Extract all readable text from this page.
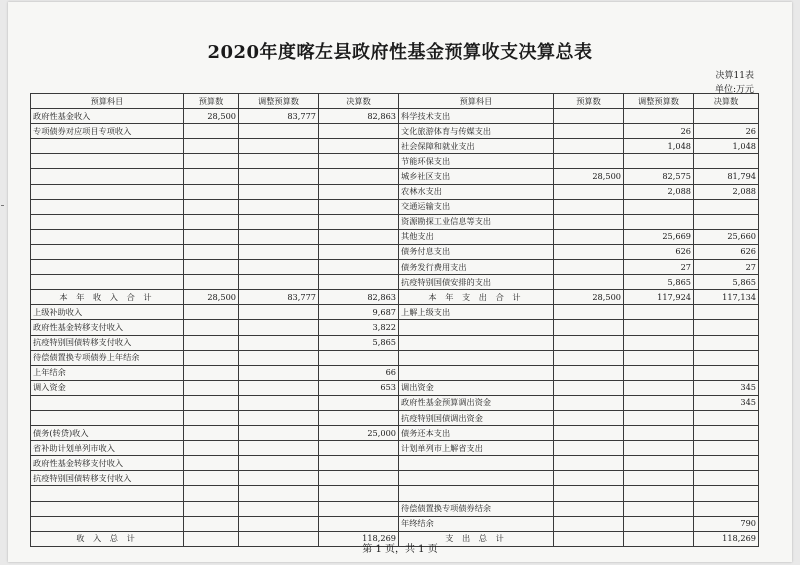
2020年度喀左县政府性基金预算收支决算总表
决算11表
单位:万元
预算科目	预算数	调整预算数	决算数	预算科目	预算数	调整预算数	决算数
政府性基金收入	28,500	83,777	82,863	科学技术支出			
专项债券对应项目专项收入				文化旅游体育与传媒支出		26	26
				社会保障和就业支出		1,048	1,048
				节能环保支出			
				城乡社区支出	28,500	82,575	81,794
				农林水支出		2,088	2,088
				交通运输支出			
				资源勘探工业信息等支出			
				其他支出		25,669	25,660
				债务付息支出		626	626
				债务发行费用支出		27	27
				抗疫特别国债安排的支出		5,865	5,865
本 年 收 入 合 计	28,500	83,777	82,863	本 年 支 出 合 计	28,500	117,924	117,134
上级补助收入			9,687	上解上级支出			
政府性基金转移支付收入			3,822				
抗疫特别国债转移支付收入			5,865				
待偿债置换专项债券上年结余							
上年结余			66				
调入资金			653	调出资金			345
				政府性基金预算调出资金			345
				抗疫特别国债调出资金			
债务(转贷)收入			25,000	债务还本支出			
省补助计划单列市收入				计划单列市上解省支出			
政府性基金转移支付收入							
抗疫特别国债转移支付收入							

				待偿债置换专项债券结余			
				年终结余			790
收 入 总 计			118,269	支 出 总 计			118,269
第 1 页，共 1 页
